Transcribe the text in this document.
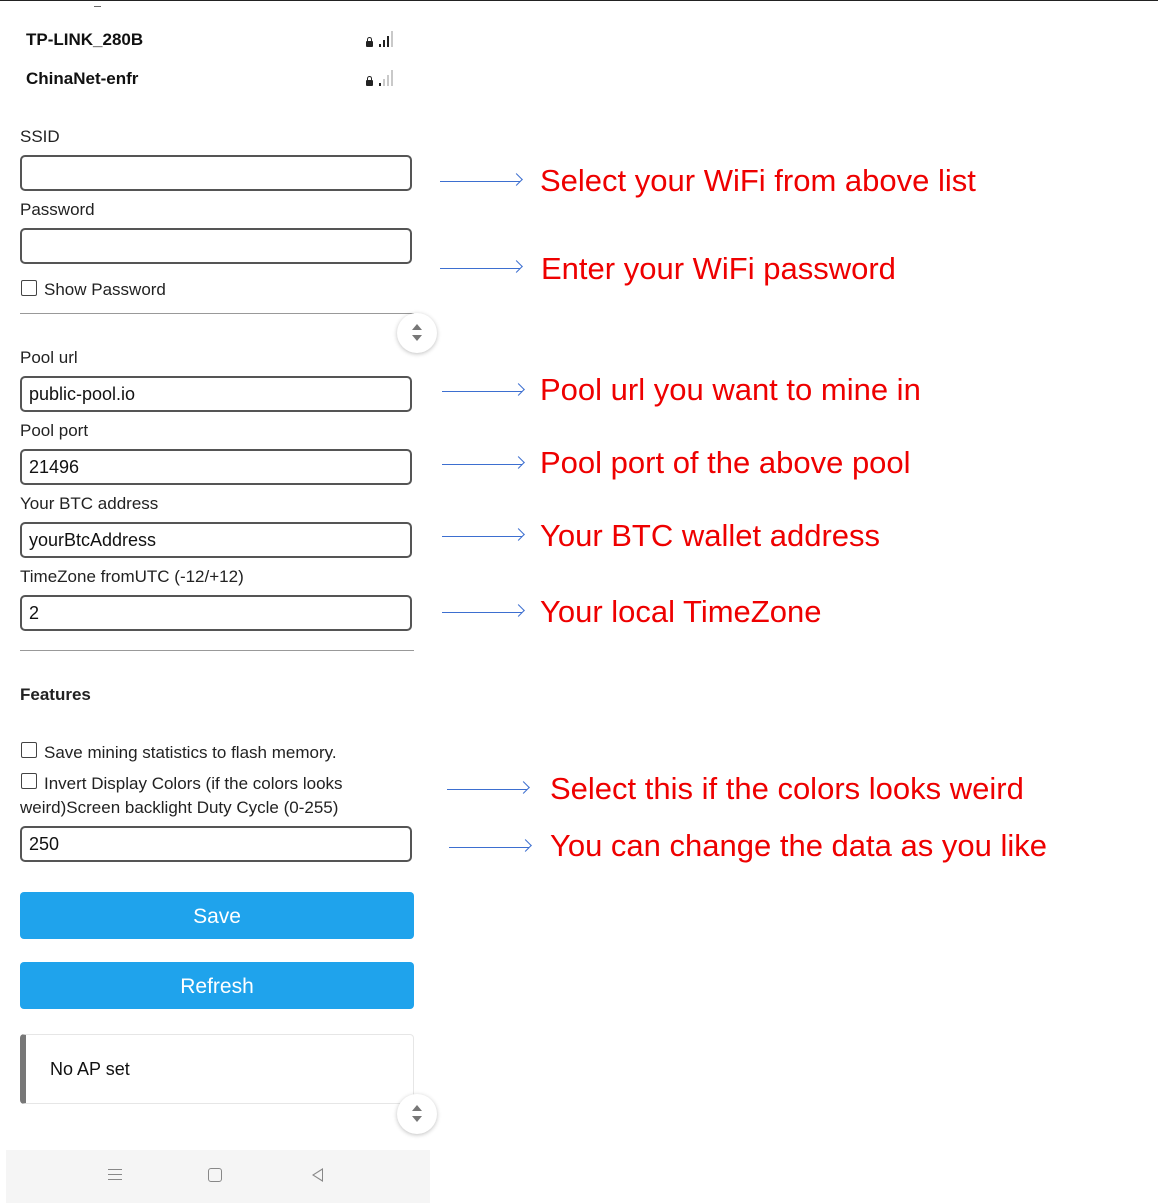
TP-LINK_280B
ChinaNet-enfr
SSID
Password
Show Password
Pool url
public-pool.io
Pool port
21496
Your BTC address
yourBtcAddress
TimeZone fromUTC (-12/+12)
2
Features
Save mining statistics to flash memory.
Invert Display Colors (if the colors looks
weird)Screen backlight Duty Cycle (0-255)
250
Save
Refresh
No AP set
Select your WiFi from above list
Enter your WiFi password
Pool url you want to mine in
Pool port of the above pool
Your BTC wallet address
Your local TimeZone
Select this if the colors looks weird
You can change the data as you like
